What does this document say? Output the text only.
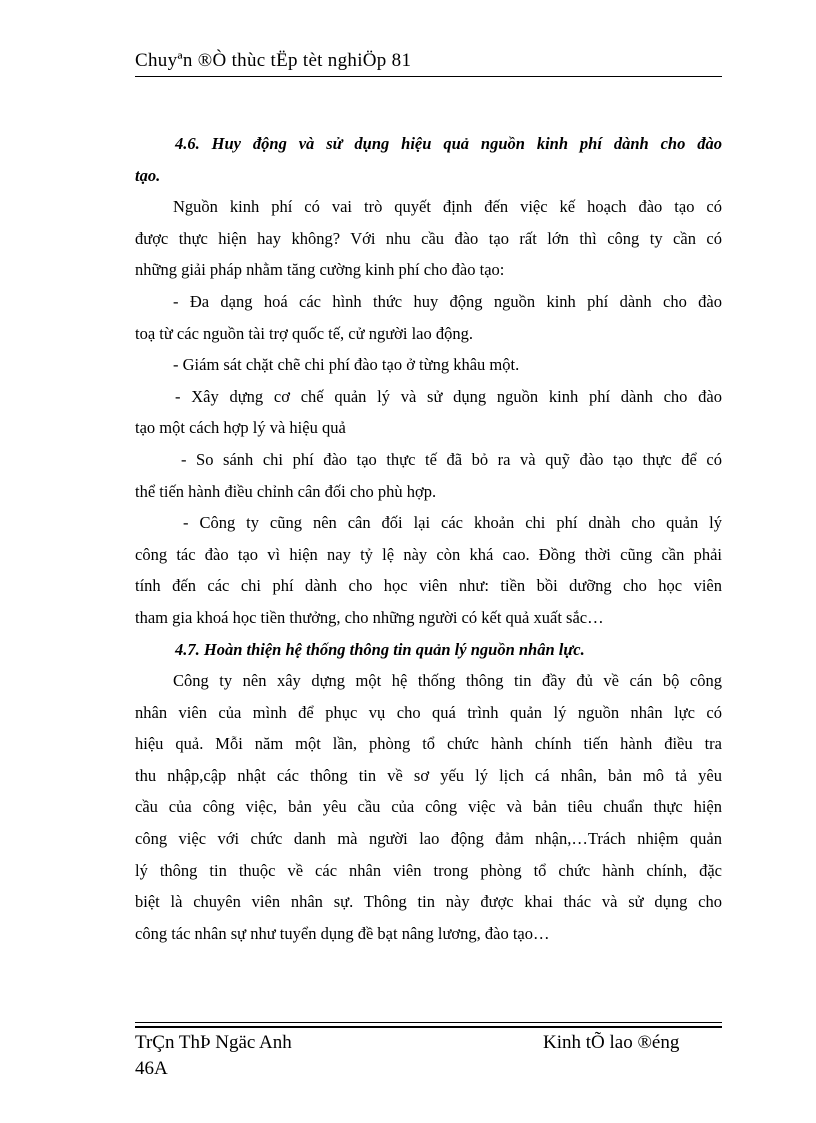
Chuyªn ®Ò thùc tËp tèt nghiÖp 81
4.6. Huy động và sử dụng hiệu quả nguồn kinh phí dành cho đào
tạo.
Nguồn kinh phí có vai trò quyết định đến việc kế hoạch đào tạo có
được thực hiện hay không? Với nhu cầu đào tạo rất lớn thì công ty cần có
những giải pháp nhằm tăng cường kinh phí cho đào tạo:
- Đa dạng hoá các hình thức huy động nguồn kinh phí dành cho đào
toạ từ các nguồn tài trợ quốc tế, cử người lao động.
- Giám sát chặt chẽ chi phí đào tạo ở từng khâu một.
- Xây dựng cơ chế quản lý và sử dụng nguồn kinh phí dành cho đào
tạo một cách hợp lý và hiệu quả
- So sánh chi phí đào tạo thực tế đã bỏ ra và quỹ đào tạo thực để có
thể tiến hành điều chỉnh cân đối cho phù hợp.
- Công ty cũng nên cân đối lại các khoản chi phí dnàh cho quản lý
công tác đào tạo vì hiện nay tỷ lệ này còn khá cao. Đồng thời cũng cần phải
tính đến các chi phí dành cho học viên như: tiền bồi dưỡng cho học viên
tham gia khoá học tiền thưởng, cho những người có kết quả xuất sắc…
4.7. Hoàn thiện hệ thống thông tin quản lý nguồn nhân lực.
Công ty nên xây dựng một hệ thống thông tin đầy đủ về cán bộ công
nhân viên của mình để phục vụ cho quá trình quản lý nguồn nhân lực có
hiệu quả. Mỗi năm một lần, phòng tổ chức hành chính tiến hành điều tra
thu nhập,cập nhật các thông tin về sơ yếu lý lịch cá nhân, bản mô tả yêu
cầu của công việc, bản yêu cầu của công việc và bản tiêu chuẩn thực hiện
công việc với chức danh mà người lao động đảm nhận,…Trách nhiệm quản
lý thông tin thuộc về các nhân viên trong phòng tổ chức hành chính, đặc
biệt là chuyên viên nhân sự. Thông tin này được khai thác và sử dụng cho
công tác nhân sự như tuyển dụng đề bạt nâng lương, đào tạo…
TrÇn ThÞ Ngäc Anh
46A
Kinh tÕ lao ®éng
